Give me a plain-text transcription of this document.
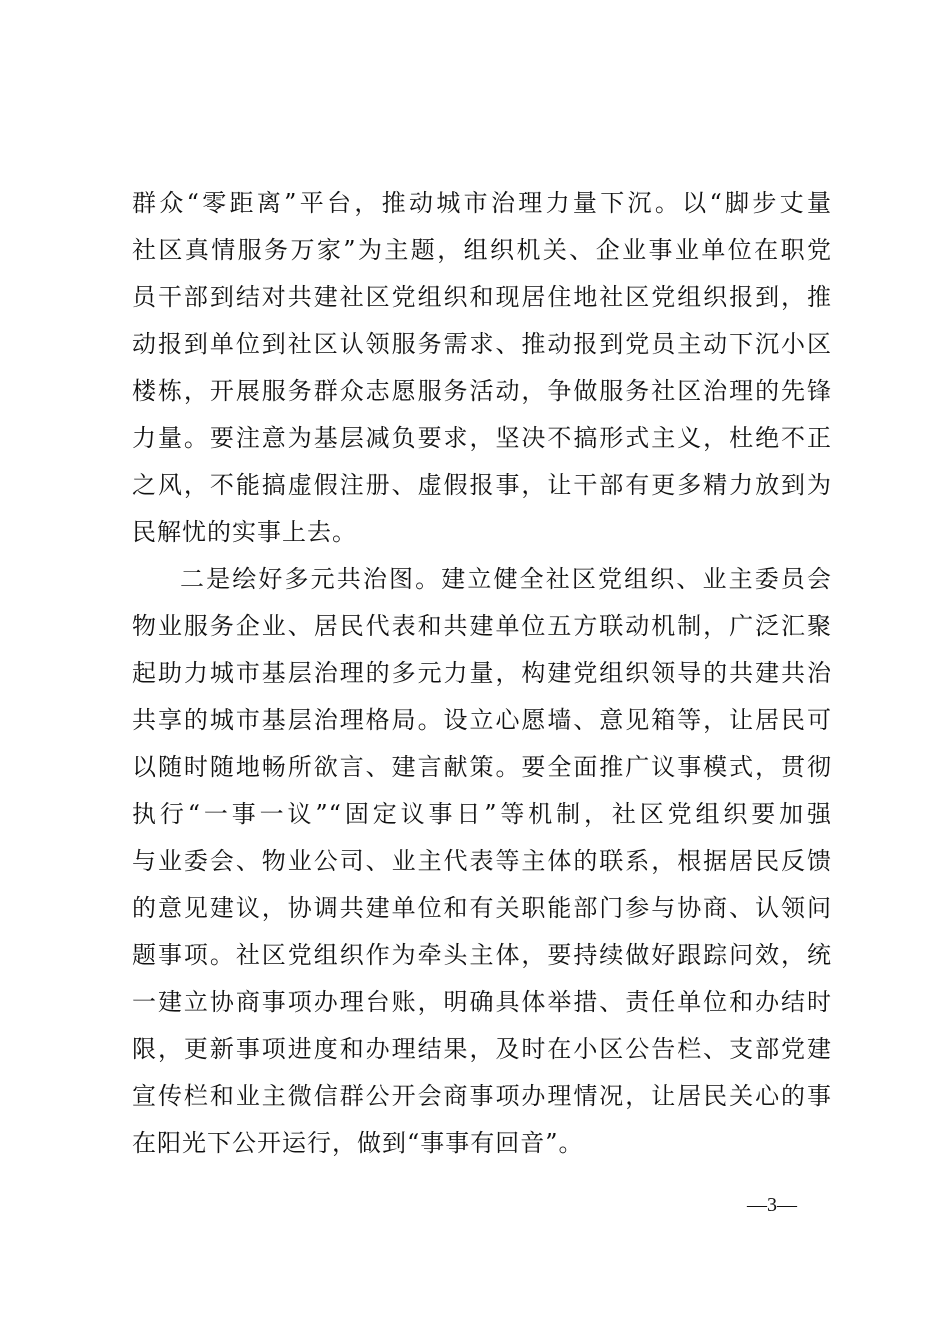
群众“零距离”平台，推动城市治理力量下沉。以“脚步丈量
社区真情服务万家”为主题，组织机关、企业事业单位在职党
员干部到结对共建社区党组织和现居住地社区党组织报到，推
动报到单位到社区认领服务需求、推动报到党员主动下沉小区
楼栋，开展服务群众志愿服务活动，争做服务社区治理的先锋
力量。要注意为基层减负要求，坚决不搞形式主义，杜绝不正
之风，不能搞虚假注册、虚假报事，让干部有更多精力放到为
民解忧的实事上去。
二是绘好多元共治图。建立健全社区党组织、业主委员会
物业服务企业、居民代表和共建单位五方联动机制，广泛汇聚
起助力城市基层治理的多元力量，构建党组织领导的共建共治
共享的城市基层治理格局。设立心愿墙、意见箱等，让居民可
以随时随地畅所欲言、建言献策。要全面推广议事模式，贯彻
执行“一事一议”“固定议事日”等机制，社区党组织要加强
与业委会、物业公司、业主代表等主体的联系，根据居民反馈
的意见建议，协调共建单位和有关职能部门参与协商、认领问
题事项。社区党组织作为牵头主体，要持续做好跟踪问效，统
一建立协商事项办理台账，明确具体举措、责任单位和办结时
限，更新事项进度和办理结果，及时在小区公告栏、支部党建
宣传栏和业主微信群公开会商事项办理情况，让居民关心的事
在阳光下公开运行，做到“事事有回音”。
—3—
